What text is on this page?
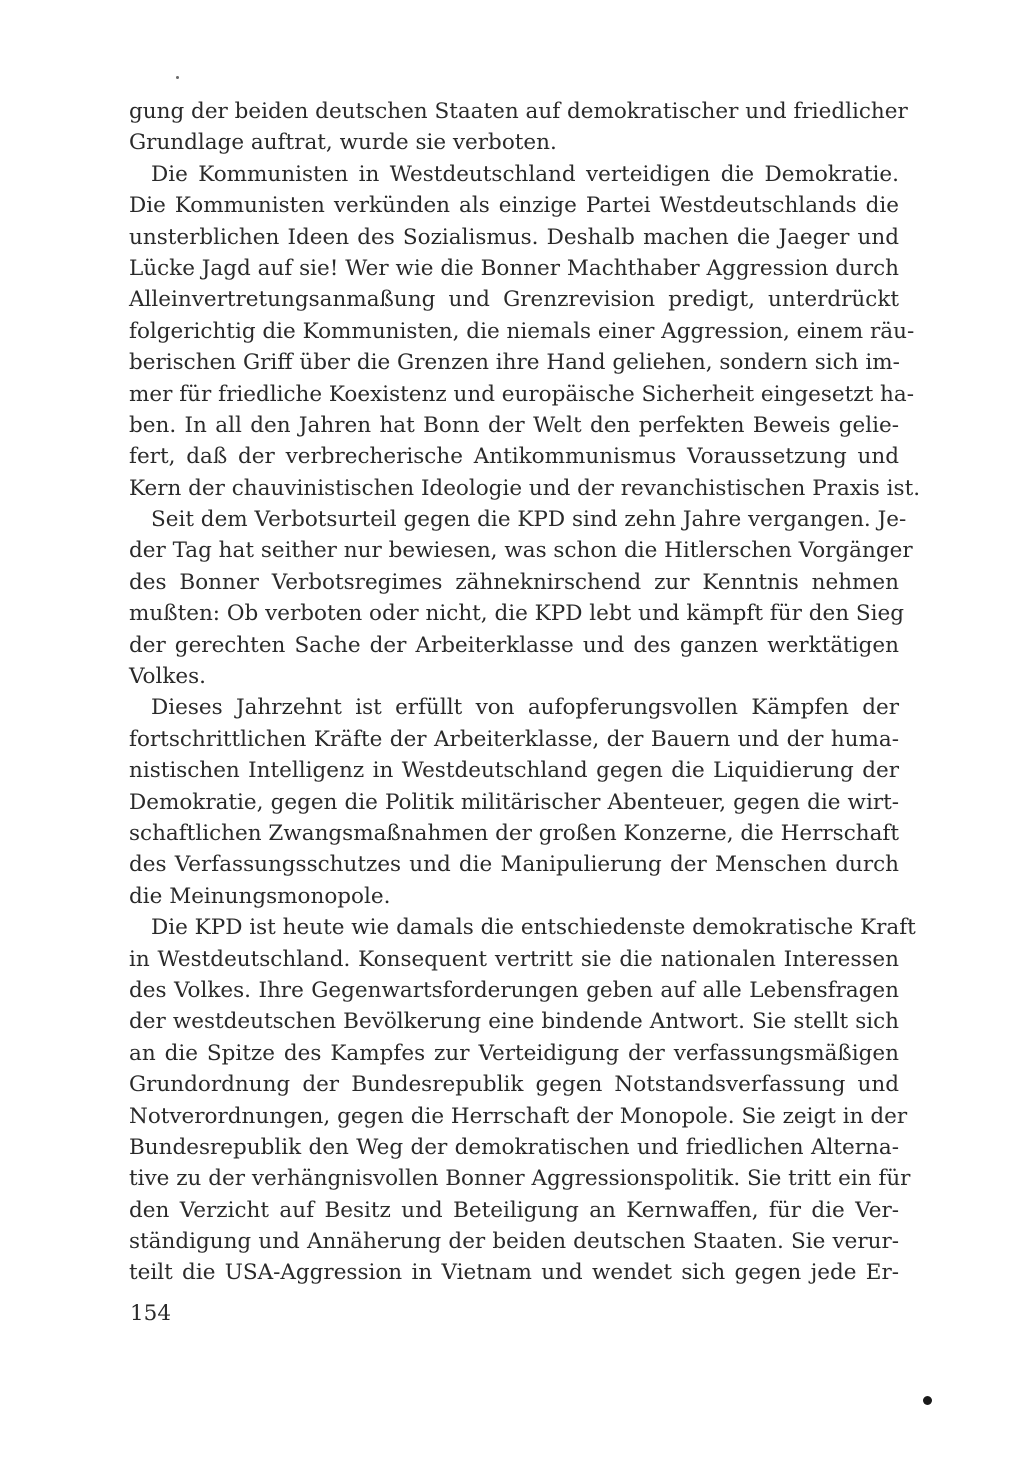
gung der beiden deutschen Staaten auf demokratischer und friedlicher
Grundlage auftrat, wurde sie verboten.
Die Kommunisten in Westdeutschland verteidigen die Demokratie.
Die Kommunisten verkünden als einzige Partei Westdeutschlands die
unsterblichen Ideen des Sozialismus. Deshalb machen die Jaeger und
Lücke Jagd auf sie! Wer wie die Bonner Machthaber Aggression durch
Alleinvertretungsanmaßung und Grenzrevision predigt, unterdrückt
folgerichtig die Kommunisten, die niemals einer Aggression, einem räu-
berischen Griff über die Grenzen ihre Hand geliehen, sondern sich im-
mer für friedliche Koexistenz und europäische Sicherheit eingesetzt ha-
ben. In all den Jahren hat Bonn der Welt den perfekten Beweis gelie-
fert, daß der verbrecherische Antikommunismus Voraussetzung und
Kern der chauvinistischen Ideologie und der revanchistischen Praxis ist.
Seit dem Verbotsurteil gegen die KPD sind zehn Jahre vergangen. Je-
der Tag hat seither nur bewiesen, was schon die Hitlerschen Vorgänger
des Bonner Verbotsregimes zähneknirschend zur Kenntnis nehmen
mußten: Ob verboten oder nicht, die KPD lebt und kämpft für den Sieg
der gerechten Sache der Arbeiterklasse und des ganzen werktätigen
Volkes.
Dieses Jahrzehnt ist erfüllt von aufopferungsvollen Kämpfen der
fortschrittlichen Kräfte der Arbeiterklasse, der Bauern und der huma-
nistischen Intelligenz in Westdeutschland gegen die Liquidierung der
Demokratie, gegen die Politik militärischer Abenteuer, gegen die wirt-
schaftlichen Zwangsmaßnahmen der großen Konzerne, die Herrschaft
des Verfassungsschutzes und die Manipulierung der Menschen durch
die Meinungsmonopole.
Die KPD ist heute wie damals die entschiedenste demokratische Kraft
in Westdeutschland. Konsequent vertritt sie die nationalen Interessen
des Volkes. Ihre Gegenwartsforderungen geben auf alle Lebensfragen
der westdeutschen Bevölkerung eine bindende Antwort. Sie stellt sich
an die Spitze des Kampfes zur Verteidigung der verfassungsmäßigen
Grundordnung der Bundesrepublik gegen Notstandsverfassung und
Notverordnungen, gegen die Herrschaft der Monopole. Sie zeigt in der
Bundesrepublik den Weg der demokratischen und friedlichen Alterna-
tive zu der verhängnisvollen Bonner Aggressionspolitik. Sie tritt ein für
den Verzicht auf Besitz und Beteiligung an Kernwaffen, für die Ver-
ständigung und Annäherung der beiden deutschen Staaten. Sie verur-
teilt die USA-Aggression in Vietnam und wendet sich gegen jede Er-
154
